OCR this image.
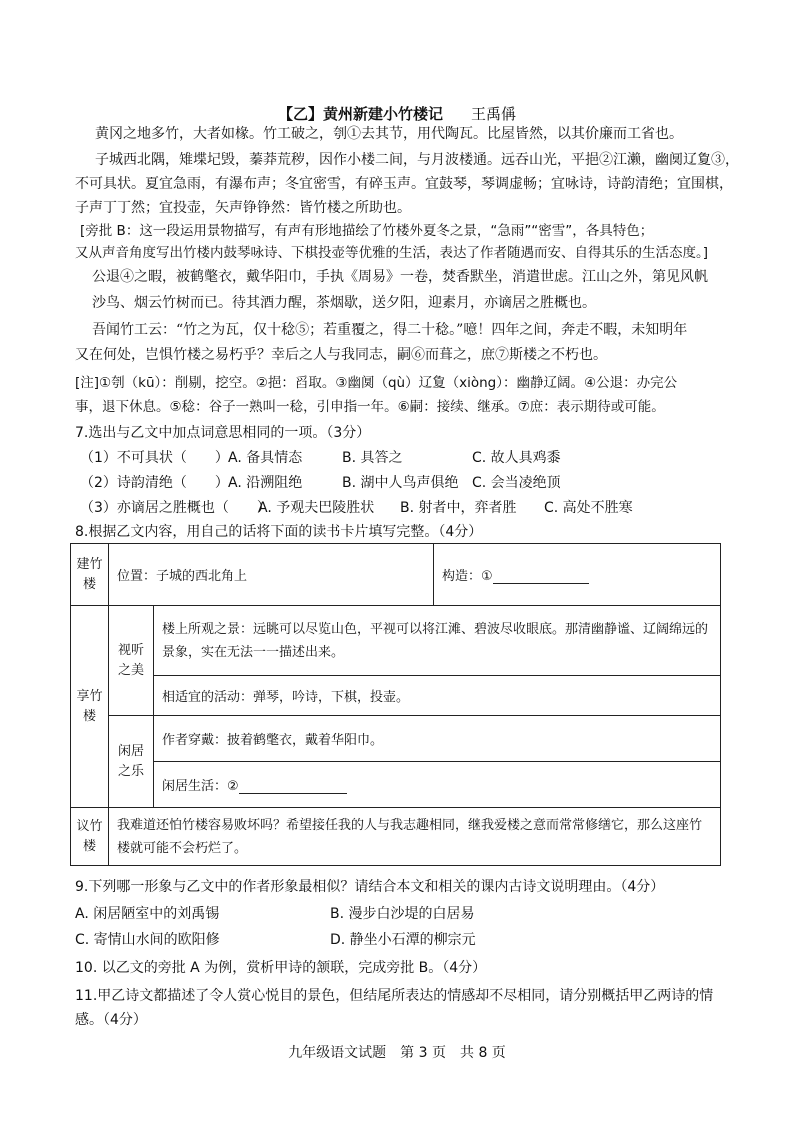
【乙】黄州新建小竹楼记 王禹偁
黄冈之地多竹，大者如椽。竹工破之，刳①去其节，用代陶瓦。比屋皆然，以其价廉而工省也。
子城西北隅，雉堞圮毁，蓁莽荒秽，因作小楼二间，与月波楼通。远吞山光，平挹②江濑，幽阒辽夐③，
不可具状。夏宜急雨，有瀑布声；冬宜密雪，有碎玉声。宜鼓琴，琴调虚畅；宜咏诗，诗韵清绝；宜围棋，
子声丁丁然；宜投壶，矢声铮铮然：皆竹楼之所助也。
[旁批 B：这一段运用景物描写，有声有形地描绘了竹楼外夏冬之景，“急雨”“密雪”，各具特色；
又从声音角度写出竹楼内鼓琴咏诗、下棋投壶等优雅的生活，表达了作者随遇而安、自得其乐的生活态度。]
公退④之暇，被鹤氅衣，戴华阳巾，手执《周易》一卷，焚香默坐，消遣世虑。江山之外，第见风帆
沙鸟、烟云竹树而已。待其酒力醒，茶烟歇，送夕阳，迎素月，亦谪居之胜概也。
吾闻竹工云：“竹之为瓦，仅十稔⑤；若重覆之，得二十稔。”噫！四年之间，奔走不暇，未知明年
又在何处，岂惧竹楼之易朽乎？幸后之人与我同志，嗣⑥而葺之，庶⑦斯楼之不朽也。
[注]①刳（kū）：削剔，挖空。②挹：舀取。③幽阒（qù）辽夐（xiòng）：幽静辽阔。④公退：办完公
事，退下休息。⑤稔：谷子一熟叫一稔，引申指一年。⑥嗣：接续、继承。⑦庶：表示期待或可能。
7.选出与乙文中加点词意思相同的一项。（3分）
（1）不可具状（　　） A. 备具情态	B. 具答之	C. 故人具鸡黍
（2）诗韵清绝（　　） A. 沿溯阻绝	B. 湖中人鸟声俱绝 C. 会当凌绝顶
（3）亦谪居之胜概也（　　）
A. 予观夫巴陵胜状 B. 射者中，弈者胜 C. 高处不胜寒
8.根据乙文内容，用自己的话将下面的读书卡片填写完整。（4分）
建竹楼	位置：子城的西北角上		构造：①
享竹楼	视听之美	楼上所观之景：远眺可以尽览山色，平视可以将江滩、碧波尽收眼底。那清幽静谧、辽阔绵远的景象，实在无法一一描述出来。	
		相适宜的活动：弹琴，吟诗，下棋，投壶。	
	闲居之乐	作者穿戴：披着鹤氅衣，戴着华阳巾。	
		闲居生活：②	
议竹楼	我难道还怕竹楼容易败坏吗？希望接任我的人与我志趣相同，继我爱楼之意而常常修缮它，那么这座竹楼就可能不会朽烂了。		
9.下列哪一形象与乙文中的作者形象最相似？请结合本文和相关的课内古诗文说明理由。（4分）
A. 闲居陋室中的刘禹锡	B. 漫步白沙堤的白居易
C. 寄情山水间的欧阳修	D. 静坐小石潭的柳宗元
10. 以乙文的旁批 A 为例，赏析甲诗的颔联，完成旁批 B。（4分）
11.甲乙诗文都描述了令人赏心悦目的景色，但结尾所表达的情感却不尽相同，请分别概括甲乙两诗的情
感。（4分）
九年级语文试题　第 3 页　共 8 页
